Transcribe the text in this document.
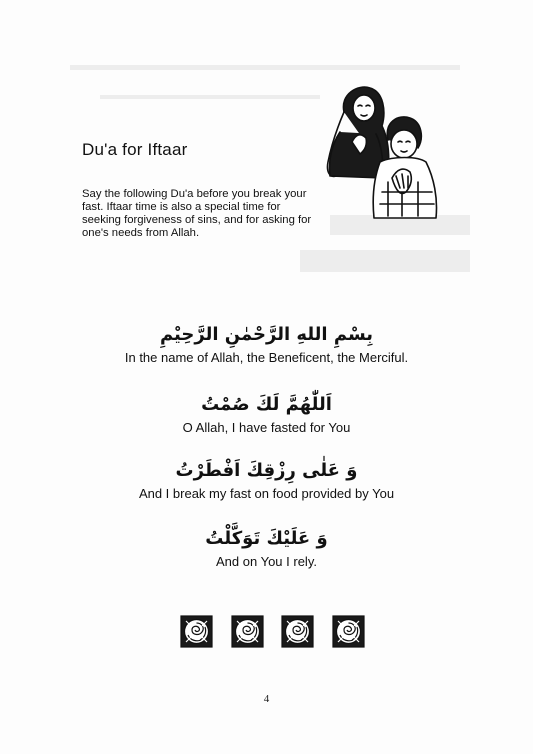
Du'a for Iftaar
Say the following Du'a before you break your fast. Iftaar time is also a special time for seeking forgiveness of sins, and for asking for one's needs from Allah.
بِسْمِ اللهِ الرَّحْمٰنِ الرَّحِيْمِ
In the name of Allah, the Beneficent, the Merciful.
اَللّٰهُمَّ لَكَ صُمْتُ
O Allah, I have fasted for You
وَ عَلٰى رِزْقِكَ اَفْطَرْتُ
And I break my fast on food provided by You
وَ عَلَيْكَ تَوَكَّلْتُ
And on You I rely.
4
